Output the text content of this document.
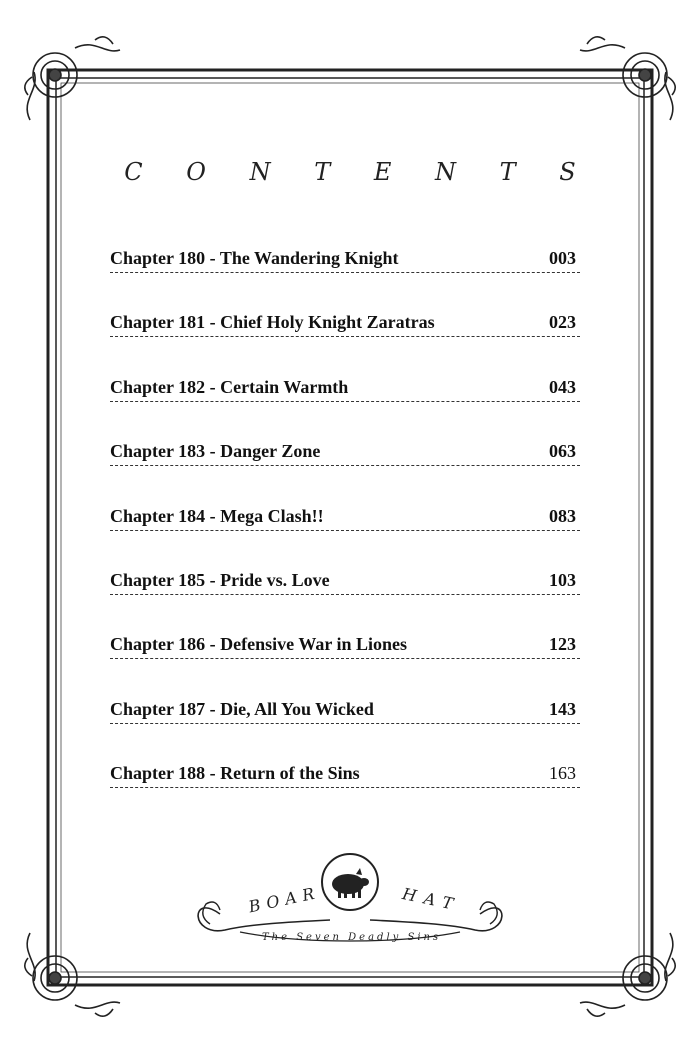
C O N T E N T S
Chapter 180 - The Wandering Knight	003
Chapter 181 - Chief Holy Knight Zaratras	023
Chapter 182 - Certain Warmth	043
Chapter 183 - Danger Zone	063
Chapter 184 - Mega Clash!!	083
Chapter 185 - Pride vs. Love	103
Chapter 186 - Defensive War in Liones	123
Chapter 187 - Die, All You Wicked	143
Chapter 188 - Return of the Sins	163
BOAR	HAT
The Seven Deadly Sins
